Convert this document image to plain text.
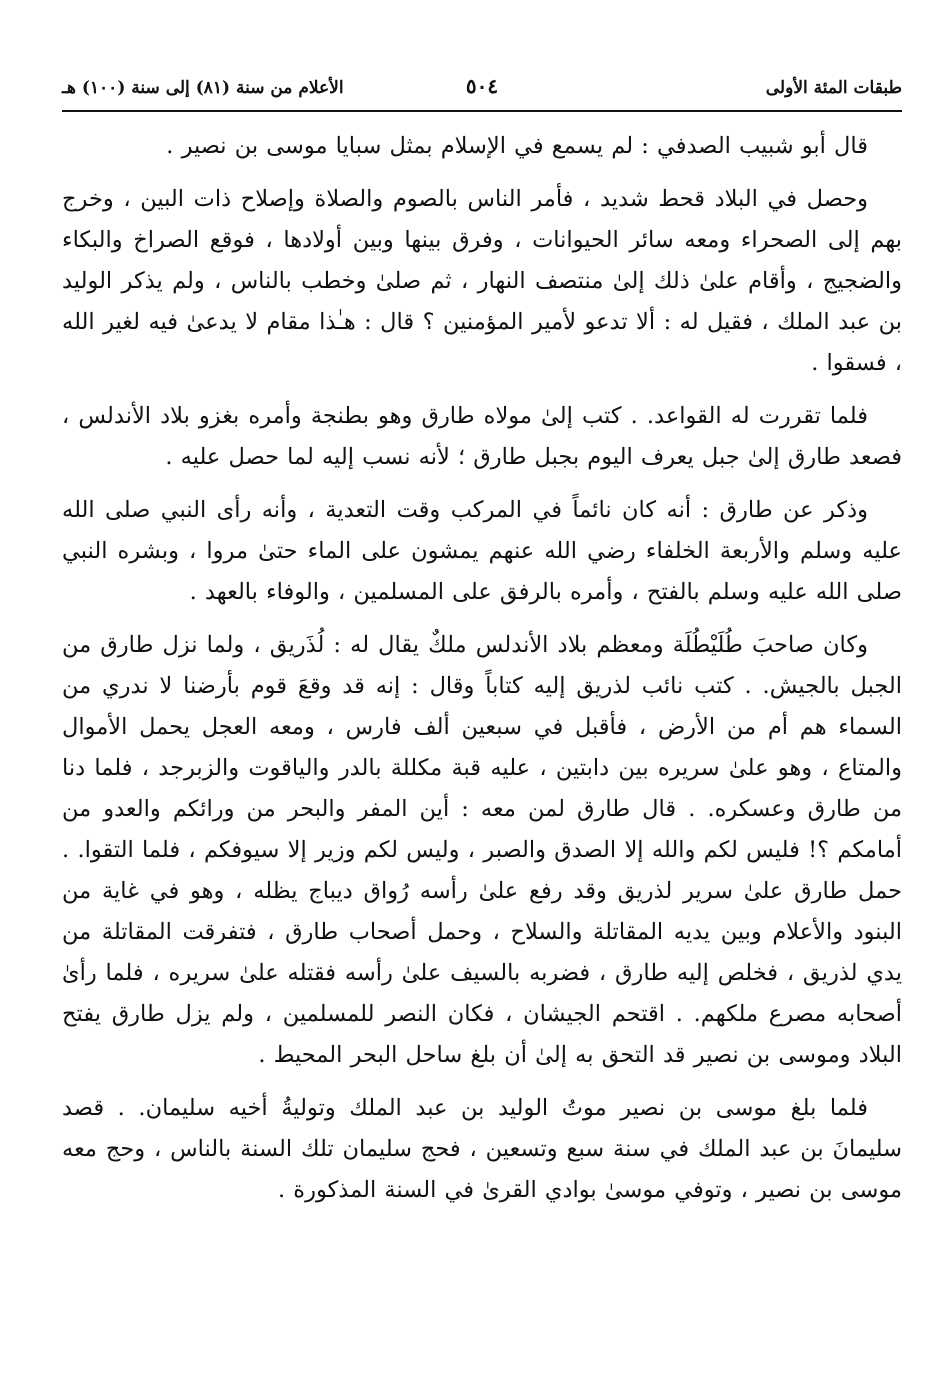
طبقات المئة الأولى
٥٠٤
الأعلام من سنة (٨١) إلى سنة (١٠٠) هـ

قال أبو شبيب الصدفي : لم يسمع في الإسلام بمثل سبايا موسى بن نصير .

وحصل في البلاد قحط شديد ، فأمر الناس بالصوم والصلاة وإصلاح ذات البين ، وخرج بهم إلى الصحراء ومعه سائر الحيوانات ، وفرق بينها وبين أولادها ، فوقع الصراخ والبكاء والضجيج ، وأقام علىٰ ذلك إلىٰ منتصف النهار ، ثم صلىٰ وخطب بالناس ، ولم يذكر الوليد بن عبد الملك ، فقيل له : ألا تدعو لأمير المؤمنين ؟ قال : هـٰذا مقام لا يدعىٰ فيه لغير الله ، فسقوا .

فلما تقررت له القواعد. . كتب إلىٰ مولاه طارق وهو بطنجة وأمره بغزو بلاد الأندلس ، فصعد طارق إلىٰ جبل يعرف اليوم بجبل طارق ؛ لأنه نسب إليه لما حصل عليه .

وذكر عن طارق : أنه كان نائماً في المركب وقت التعدية ، وأنه رأى النبي صلى الله عليه وسلم والأربعة الخلفاء رضي الله عنهم يمشون على الماء حتىٰ مروا ، وبشره النبي صلى الله عليه وسلم بالفتح ، وأمره بالرفق على المسلمين ، والوفاء بالعهد .

وكان صاحبَ طُلَيْطُلَة ومعظم بلاد الأندلس ملكٌ يقال له : لُذَريق ، ولما نزل طارق من الجبل بالجيش. . كتب نائب لذريق إليه كتاباً وقال : إنه قد وقعَ قوم بأرضنا لا ندري من السماء هم أم من الأرض ، فأقبل في سبعين ألف فارس ، ومعه العجل يحمل الأموال والمتاع ، وهو علىٰ سريره بين دابتين ، عليه قبة مكللة بالدر والياقوت والزبرجد ، فلما دنا من طارق وعسكره. . قال طارق لمن معه : أين المفر والبحر من ورائكم والعدو من أمامكم ؟! فليس لكم والله إلا الصدق والصبر ، وليس لكم وزير إلا سيوفكم ، فلما التقوا. . حمل طارق علىٰ سرير لذريق وقد رفع علىٰ رأسه رُواق ديباج يظله ، وهو في غاية من البنود والأعلام وبين يديه المقاتلة والسلاح ، وحمل أصحاب طارق ، فتفرقت المقاتلة من يدي لذريق ، فخلص إليه طارق ، فضربه بالسيف علىٰ رأسه فقتله علىٰ سريره ، فلما رأىٰ أصحابه مصرع ملكهم. . اقتحم الجيشان ، فكان النصر للمسلمين ، ولم يزل طارق يفتح البلاد وموسى بن نصير قد التحق به إلىٰ أن بلغ ساحل البحر المحيط .

فلما بلغ موسى بن نصير موتُ الوليد بن عبد الملك وتوليةُ أخيه سليمان. . قصد سليمانَ بن عبد الملك في سنة سبع وتسعين ، فحج سليمان تلك السنة بالناس ، وحج معه موسى بن نصير ، وتوفي موسىٰ بوادي القرىٰ في السنة المذكورة .
